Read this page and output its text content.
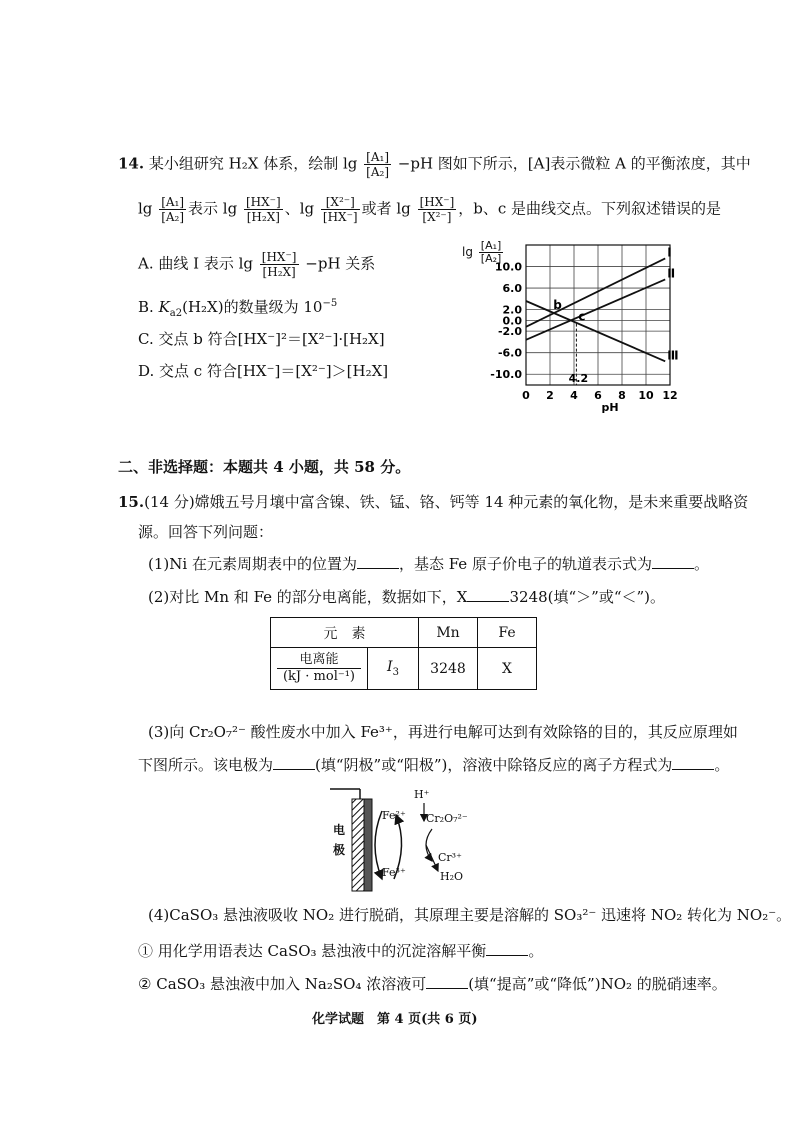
14. 某小组研究 H₂X 体系，绘制 $\lg \frac{\text{[A₁]}}{\text{[A₂]}} -pH$ 图如下所示，[A]表示微粒 A 的平衡浓度，其中
$\lg \frac{\text{[A₁]}}{\text{[A₂]}}$ 表示 $\lg \frac{[HX^-]}{\text{[H₂X]}}$ 、$\lg \frac{\text{[X²⁻]}}{[HX^-]}$ 或者 $\lg \frac{[HX^-]}{\text{[X²⁻]}}$ ，b、c 是曲线交点。下列叙述错误的是
A. 曲线 Ⅰ 表示 $\lg \frac{[HX^-]}{\text{[H₂X]}} -pH$ 关系
B. $K_{a2}(H_2X)$的数量级为 $10^{-5}$
C. 交点 b 符合[HX⁻]²＝[X²⁻]·[H₂X]
D. 交点 c 符合[HX⁻]＝[X²⁻]＞[H₂X]
$\lg \frac{\text{[A₁]}}{\text{[A₂]}}$	Ⅰ
Ⅱ
Ⅲ
b
c
0 2 4 6 8 10 12
10.0
6.0
2.0
0.0
-2.0
-6.0
-10.0	4.2
pH
二、非选择题：本题共 4 小题，共 58 分。
15.(14 分)嫦娥五号月壤中富含镍、铁、锰、铬、钙等 14 种元素的氧化物，是未来重要战略资
源。回答下列问题：
(1)Ni 在元素周期表中的位置为	，基态 Fe 原子价电子的轨道表示式为	。
(2)对比 Mn 和 Fe 的部分电离能，数据如下，X	3248(填“＞”或“＜”)。
元　素		Mn	Fe

电离能
(kJ · mol⁻¹)	$I_3$	3248	X
(3)向 Cr₂O₇²⁻ 酸性废水中加入 Fe³⁺，再进行电解可达到有效除铬的目的，其反应原理如
下图所示。该电极为	(填“阴极”或“阳极”)，溶液中除铬反应的离子方程式为	。
电
极
Fe²⁺
Fe³⁺
H⁺
Cr₂O₇²⁻
Cr³⁺
H₂O
(4)CaSO₃ 悬浊液吸收 NO₂ 进行脱硝，其原理主要是溶解的 SO₃²⁻ 迅速将 NO₂ 转化为 NO₂⁻。
① 用化学用语表达 CaSO₃ 悬浊液中的沉淀溶解平衡	。
② CaSO₃ 悬浊液中加入 Na₂SO₄ 浓溶液可	(填“提高”或“降低”)NO₂ 的脱硝速率。
化学试题　第 4 页(共 6 页)
